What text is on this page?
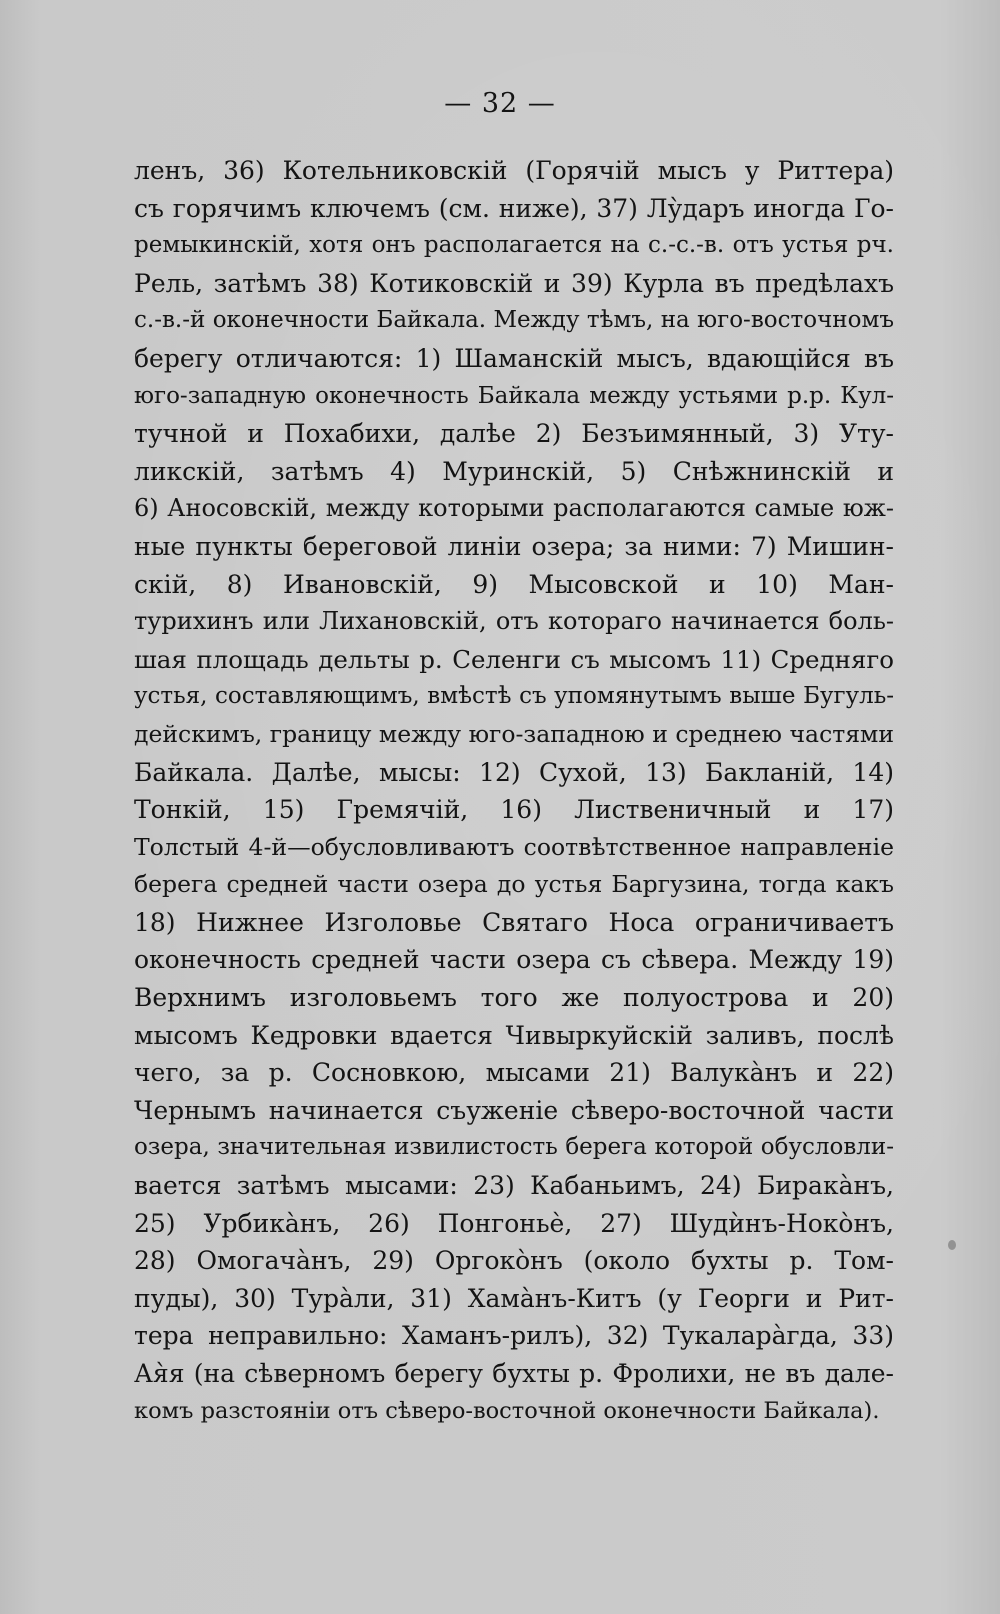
— 32 —
ленъ, 36) Котельниковскій (Горячій мысъ у Риттера)
съ горячимъ ключемъ (см. ниже), 37) Лу̀даръ иногда Го-
ремыкинскій, хотя онъ располагается на с.-с.-в. отъ устья рч.
Рель, затѣмъ 38) Котиковскій и 39) Курла въ предѣлахъ
с.-в.-й оконечности Байкала. Между тѣмъ, на юго-восточномъ
берегу отличаются: 1) Шаманскій мысъ, вдающійся въ
юго-западную оконечность Байкала между устьями р.р. Кул-
тучной и Похабихи, далѣе 2) Безъимянный, 3) Уту-
ликскій, затѣмъ 4) Муринскій, 5) Снѣжнинскій и
6) Аносовскій, между которыми располагаются самые юж-
ные пункты береговой линіи озера; за ними: 7) Мишин-
скій, 8) Ивановскій, 9) Мысовской и 10) Ман-
турихинъ или Лихановскій, отъ котораго начинается боль-
шая площадь дельты р. Селенги съ мысомъ 11) Средняго
устья, составляющимъ, вмѣстѣ съ упомянутымъ выше Бугуль-
дейскимъ, границу между юго-западною и среднею частями
Байкала. Далѣе, мысы: 12) Сухой, 13) Бакланій, 14)
Тонкій, 15) Гремячій, 16) Лиственичный и 17)
Толстый 4-й—обусловливаютъ соотвѣтственное направленіе
берега средней части озера до устья Баргузина, тогда какъ
18) Нижнее Изголовье Святаго Носа ограничиваетъ
оконечность средней части озера съ сѣвера. Между 19)
Верхнимъ изголовьемъ того же полуострова и 20)
мысомъ Кедровки вдается Чивыркуйскій заливъ, послѣ
чего, за р. Сосновкою, мысами 21) Валука̀нъ и 22)
Чернымъ начинается съуженіе сѣверо-восточной части
озера, значительная извилистость берега которой обусловли-
вается затѣмъ мысами: 23) Кабаньимъ, 24) Бирака̀нъ,
25) Урбика̀нъ, 26) Понгоньѐ, 27) Шудѝнъ-Ноко̀нъ,
28) Омогача̀нъ, 29) Оргоко̀нъ (около бухты р. Том-
пуды), 30) Тура̀ли, 31) Хама̀нъ-Китъ (у Георги и Рит-
тера неправильно: Хаманъ-рилъ), 32) Тукалара̀гда, 33)
Ая̀я (на сѣверномъ берегу бухты р. Фролихи, не въ дале-
комъ разстояніи отъ сѣверо-восточной оконечности Байкала).
